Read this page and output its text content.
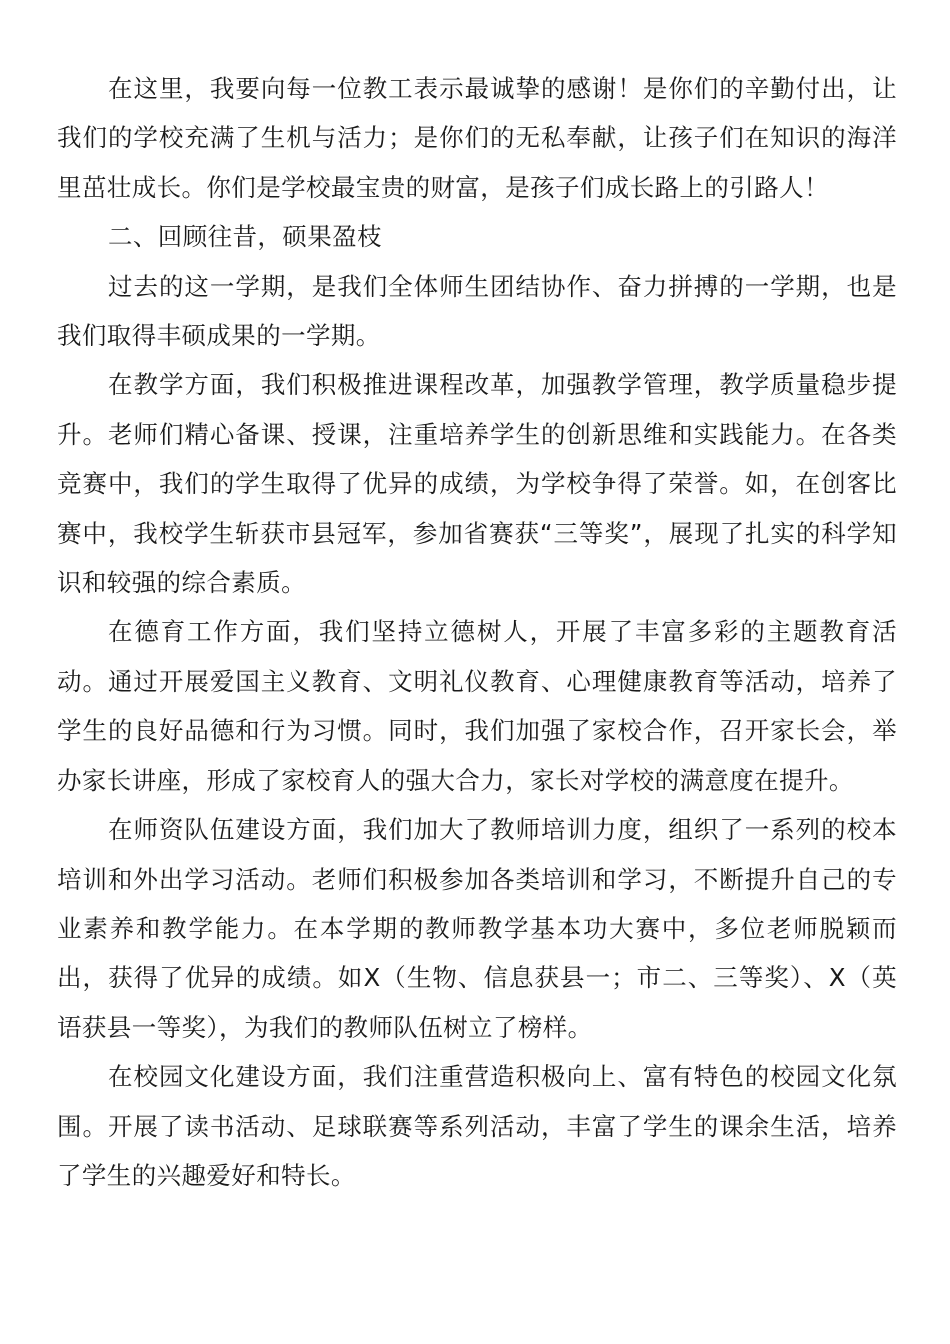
在这里，我要向每一位教工表示最诚挚的感谢！是你们的辛勤付出，让我们的学校充满了生机与活力；是你们的无私奉献，让孩子们在知识的海洋里茁壮成长。你们是学校最宝贵的财富，是孩子们成长路上的引路人！

二、回顾往昔，硕果盈枝

过去的这一学期，是我们全体师生团结协作、奋力拼搏的一学期，也是我们取得丰硕成果的一学期。

在教学方面，我们积极推进课程改革，加强教学管理，教学质量稳步提升。老师们精心备课、授课，注重培养学生的创新思维和实践能力。在各类竞赛中，我们的学生取得了优异的成绩，为学校争得了荣誉。如，在创客比赛中，我校学生斩获市县冠军，参加省赛获“三等奖”，展现了扎实的科学知识和较强的综合素质。

在德育工作方面，我们坚持立德树人，开展了丰富多彩的主题教育活动。通过开展爱国主义教育、文明礼仪教育、心理健康教育等活动，培养了学生的良好品德和行为习惯。同时，我们加强了家校合作，召开家长会，举办家长讲座，形成了家校育人的强大合力，家长对学校的满意度在提升。

在师资队伍建设方面，我们加大了教师培训力度，组织了一系列的校本培训和外出学习活动。老师们积极参加各类培训和学习，不断提升自己的专业素养和教学能力。在本学期的教师教学基本功大赛中，多位老师脱颖而出，获得了优异的成绩。如X（生物、信息获县一；市二、三等奖）、X（英语获县一等奖），为我们的教师队伍树立了榜样。

在校园文化建设方面，我们注重营造积极向上、富有特色的校园文化氛围。开展了读书活动、足球联赛等系列活动，丰富了学生的课余生活，培养了学生的兴趣爱好和特长。
